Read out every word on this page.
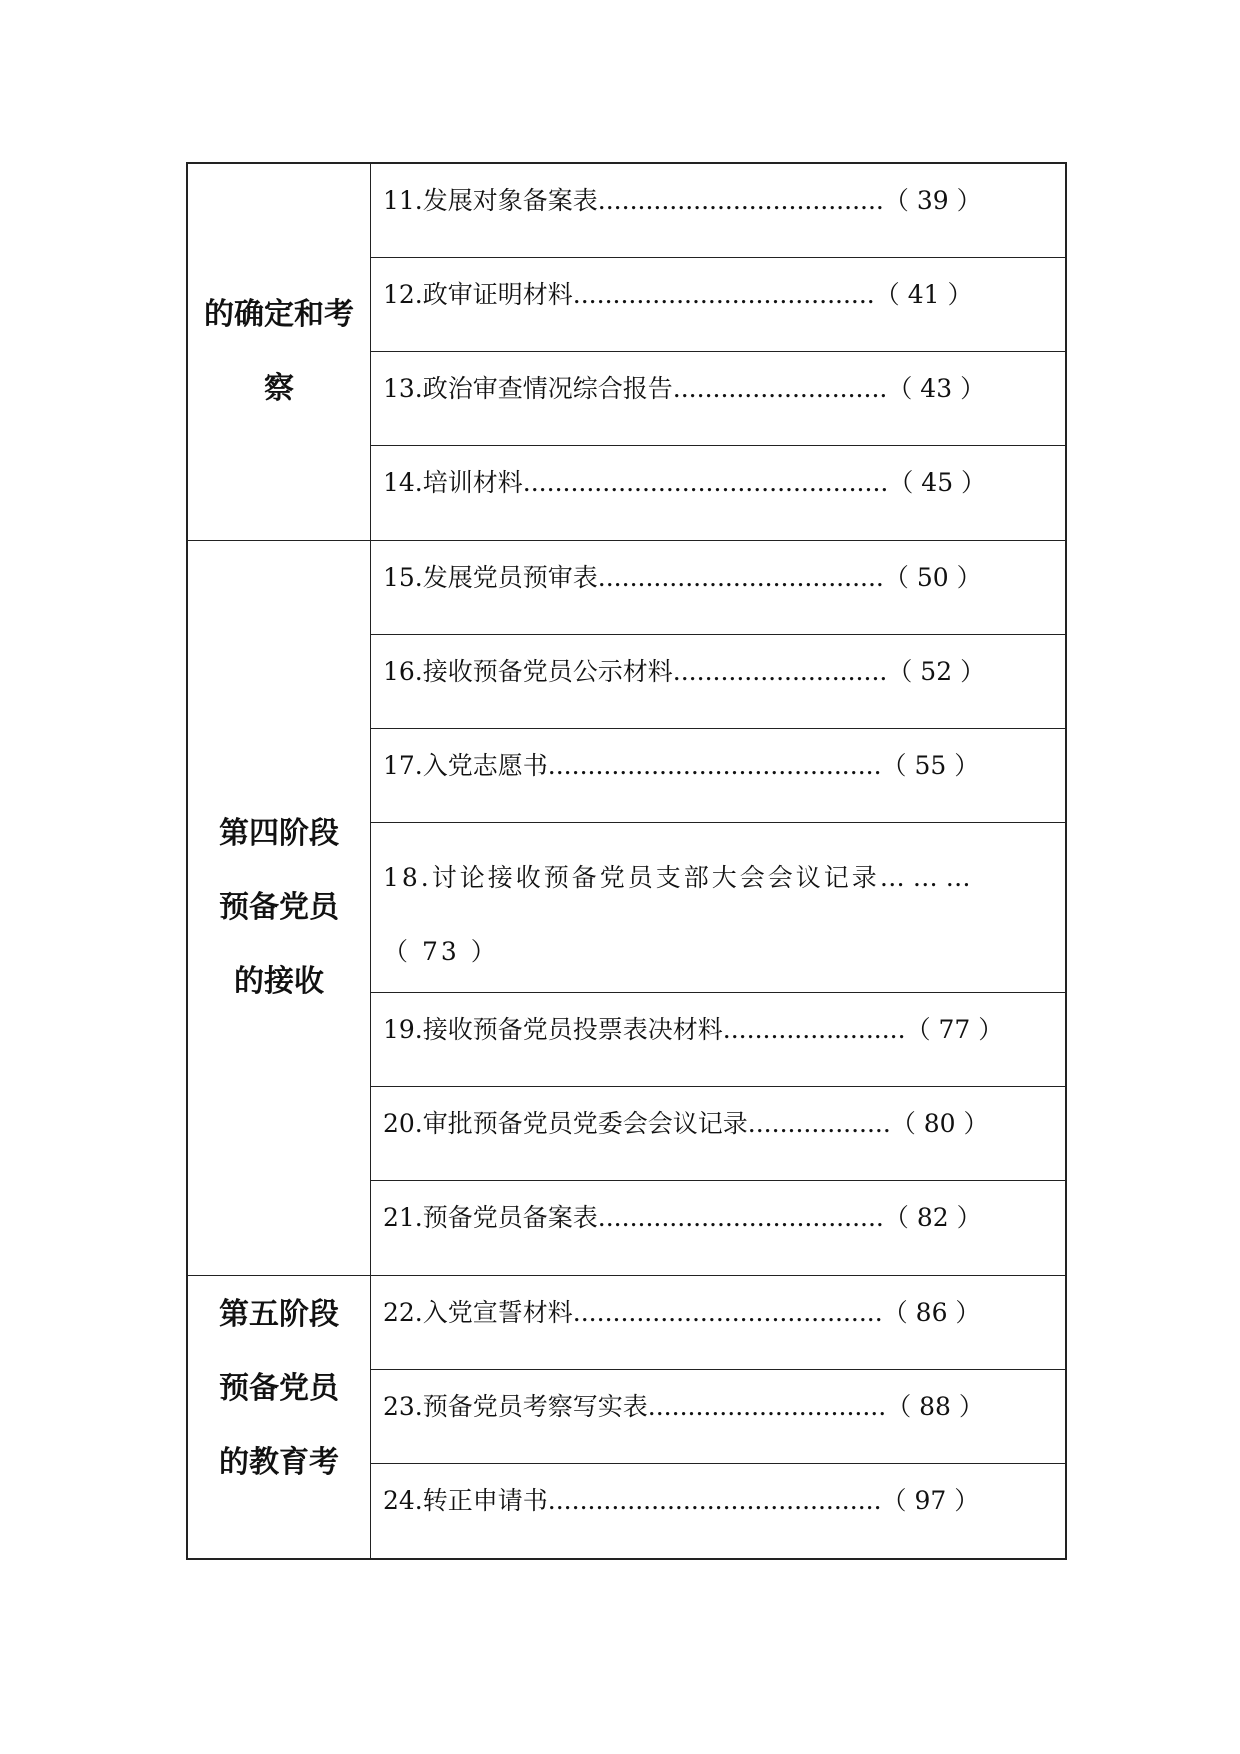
的确定和考
察
11.发展对象备案表....................................（ 39 ）
12.政审证明材料......................................（ 41 ）
13.政治审查情况综合报告...........................（ 43 ）
14.培训材料..............................................（ 45 ）
第四阶段
预备党员
的接收
15.发展党员预审表....................................（ 50 ）
16.接收预备党员公示材料...........................（ 52 ）
17.入党志愿书..........................................（ 55 ）
18.讨论接收预备党员支部大会会议记录… … …
（ 73 ）
19.接收预备党员投票表决材料.......................（ 77 ）
20.审批预备党员党委会会议记录..................（ 80 ）
21.预备党员备案表....................................（ 82 ）
第五阶段
预备党员
的教育考
22.入党宣誓材料.......................................（ 86 ）
23.预备党员考察写实表..............................（ 88 ）
24.转正申请书..........................................（ 97 ）
